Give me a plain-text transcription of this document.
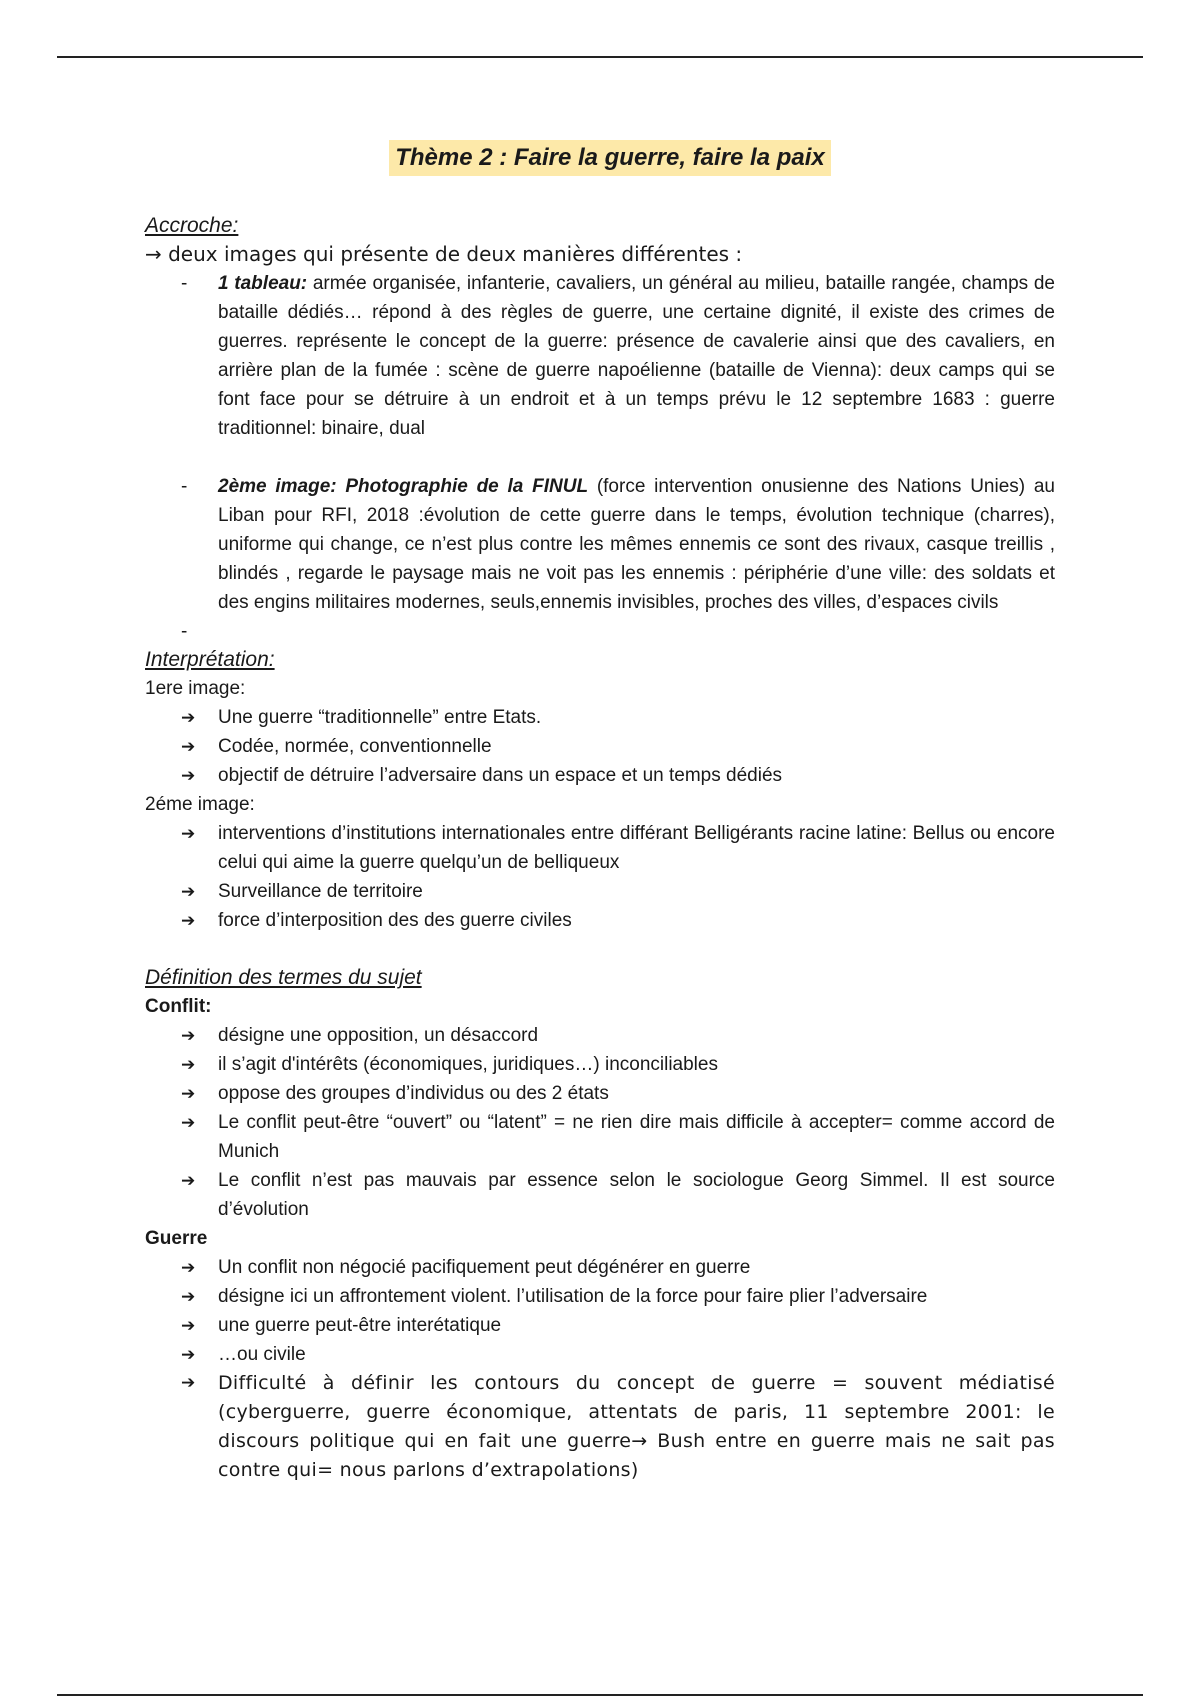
Thème 2 : Faire la guerre, faire la paix
Accroche:
→ deux images qui présente de deux manières différentes :
- 1 tableau: armée organisée, infanterie, cavaliers, un général au milieu, bataille rangée, champs de bataille dédiés… répond à des règles de guerre, une certaine dignité, il existe des crimes de guerres. représente le concept de la guerre: présence de cavalerie ainsi que des cavaliers, en arrière plan de la fumée : scène de guerre napoélienne (bataille de Vienna): deux camps qui se font face pour se détruire à un endroit et à un temps prévu le 12 septembre 1683 : guerre traditionnel: binaire, dual
- 2ème image: Photographie de la FINUL (force intervention onusienne des Nations Unies) au Liban pour RFI, 2018 :évolution de cette guerre dans le temps, évolution technique (charres), uniforme qui change, ce n’est plus contre les mêmes ennemis ce sont des rivaux, casque treillis , blindés , regarde le paysage mais ne voit pas les ennemis : périphérie d’une ville: des soldats et des engins militaires modernes, seuls,ennemis invisibles, proches des villes, d’espaces civils
-

Interprétation:
1ere image:
➔ Une guerre “traditionnelle” entre Etats.
➔ Codée, normée, conventionnelle
➔ objectif de détruire l’adversaire dans un espace et un temps dédiés
2éme image:
➔ interventions d’institutions internationales entre différant Belligérants racine latine: Bellus ou encore celui qui aime la guerre quelqu’un de belliqueux
➔ Surveillance de territoire
➔ force d’interposition des des guerre civiles
Définition des termes du sujet
Conflit:
➔ désigne une opposition, un désaccord
➔ il s’agit d'intérêts (économiques, juridiques…) inconciliables
➔ oppose des groupes d’individus ou des 2 états
➔ Le conflit peut-être “ouvert” ou “latent” = ne rien dire mais difficile à accepter= comme accord de Munich
➔ Le conflit n’est pas mauvais par essence selon le sociologue Georg Simmel. Il est source d’évolution
Guerre
➔ Un conflit non négocié pacifiquement peut dégénérer en guerre
➔ désigne ici un affrontement violent. l’utilisation de la force pour faire plier l’adversaire
➔ une guerre peut-être interétatique
➔ …ou civile
➔ Difficulté à définir les contours du concept de guerre = souvent médiatisé (cyberguerre, guerre économique, attentats de paris, 11 septembre 2001: le discours politique qui en fait une guerre→ Bush entre en guerre mais ne sait pas contre qui= nous parlons d’extrapolations)
